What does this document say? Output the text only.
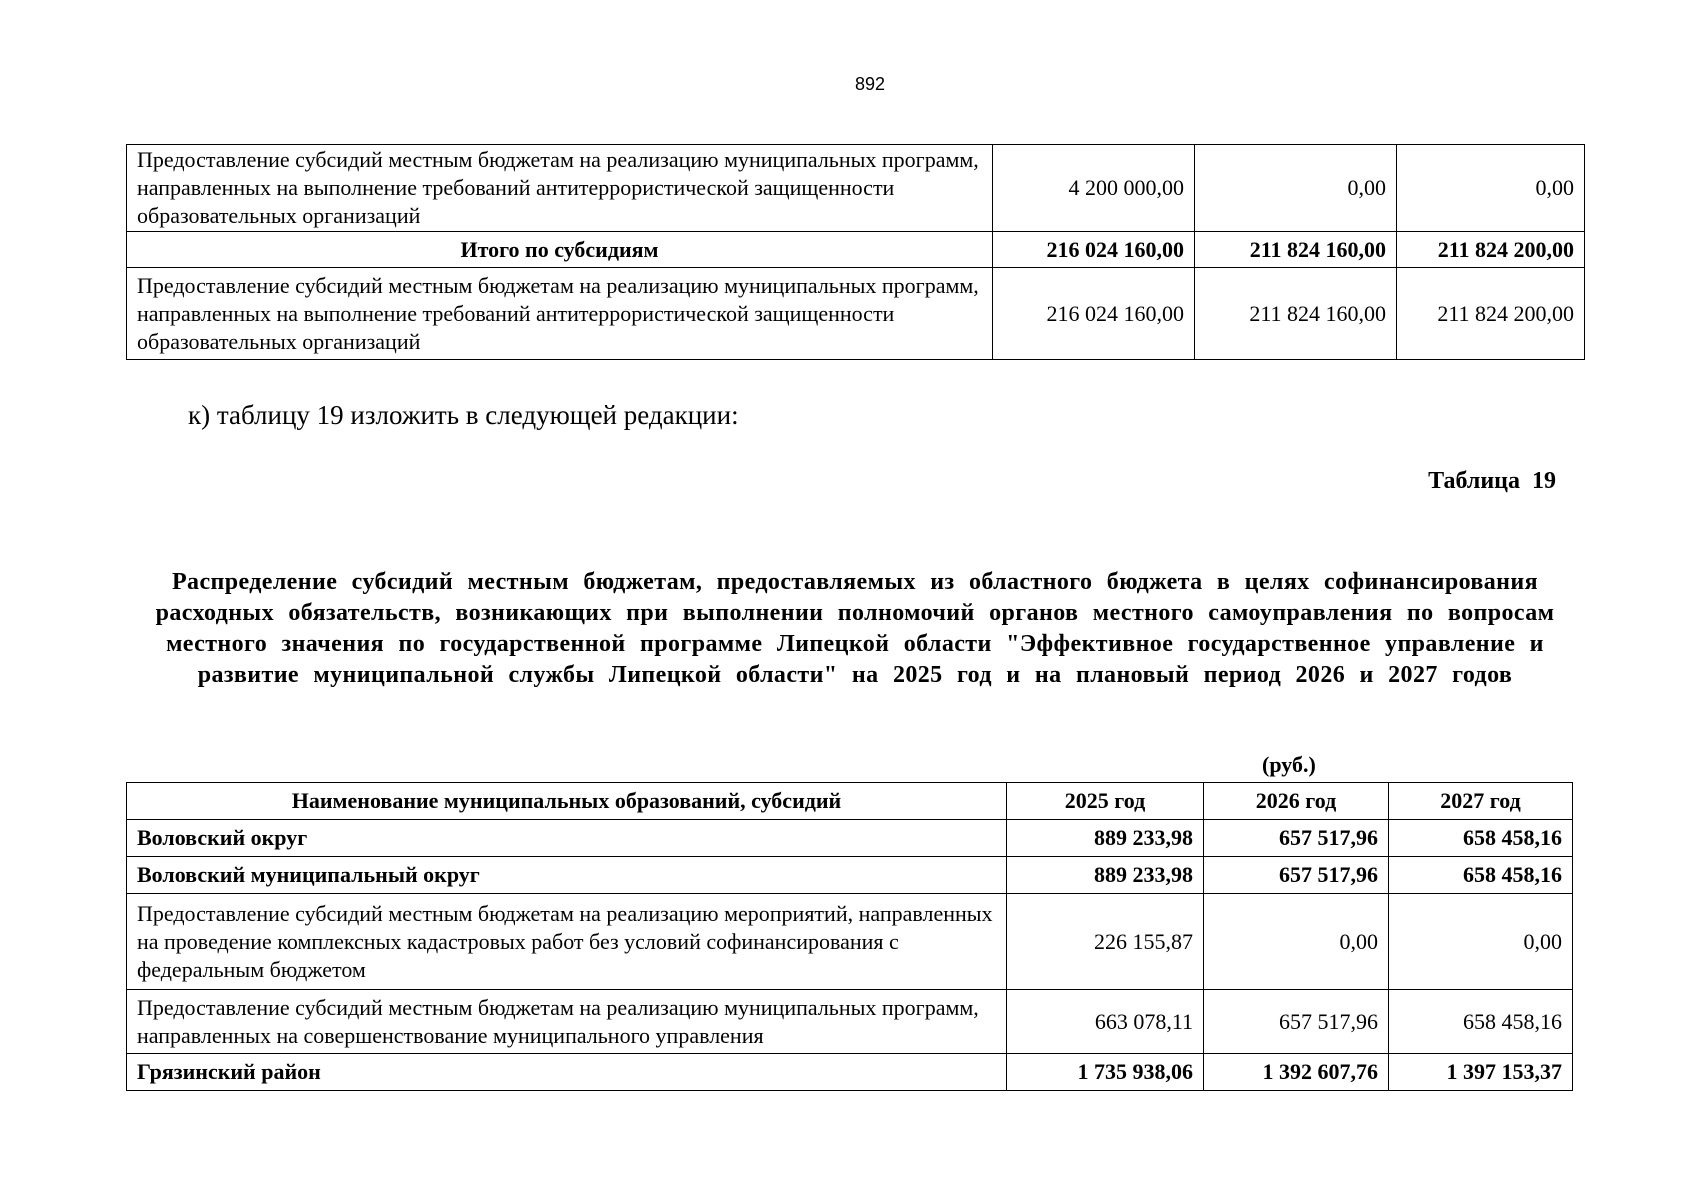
892
Предоставление субсидий местным бюджетам на реализацию муниципальных программ, направленных на выполнение требований антитеррористической защищенности образовательных организаций	4 200 000,00	0,00	0,00
Итого по субсидиям	216 024 160,00	211 824 160,00	211 824 200,00
Предоставление субсидий местным бюджетам на реализацию муниципальных программ, направленных на выполнение требований антитеррористической защищенности образовательных организаций	216 024 160,00	211 824 160,00	211 824 200,00
к) таблицу 19 изложить в следующей редакции:
Таблица 19
Распределение субсидий местным бюджетам, предоставляемых из областного бюджета в целях софинансирования расходных обязательств, возникающих при выполнении полномочий органов местного самоуправления по вопросам местного значения по государственной программе Липецкой области "Эффективное государственное управление и развитие муниципальной службы Липецкой области" на 2025 год и на плановый период 2026 и 2027 годов
(руб.)
Наименование муниципальных образований, субсидий	2025 год	2026 год	2027 год
Воловский округ	889 233,98	657 517,96	658 458,16
Воловский муниципальный округ	889 233,98	657 517,96	658 458,16
Предоставление субсидий местным бюджетам на реализацию мероприятий, направленных на проведение комплексных кадастровых работ без условий софинансирования с федеральным бюджетом	226 155,87	0,00	0,00
Предоставление субсидий местным бюджетам на реализацию муниципальных программ, направленных на совершенствование муниципального управления	663 078,11	657 517,96	658 458,16
Грязинский район	1 735 938,06	1 392 607,76	1 397 153,37
